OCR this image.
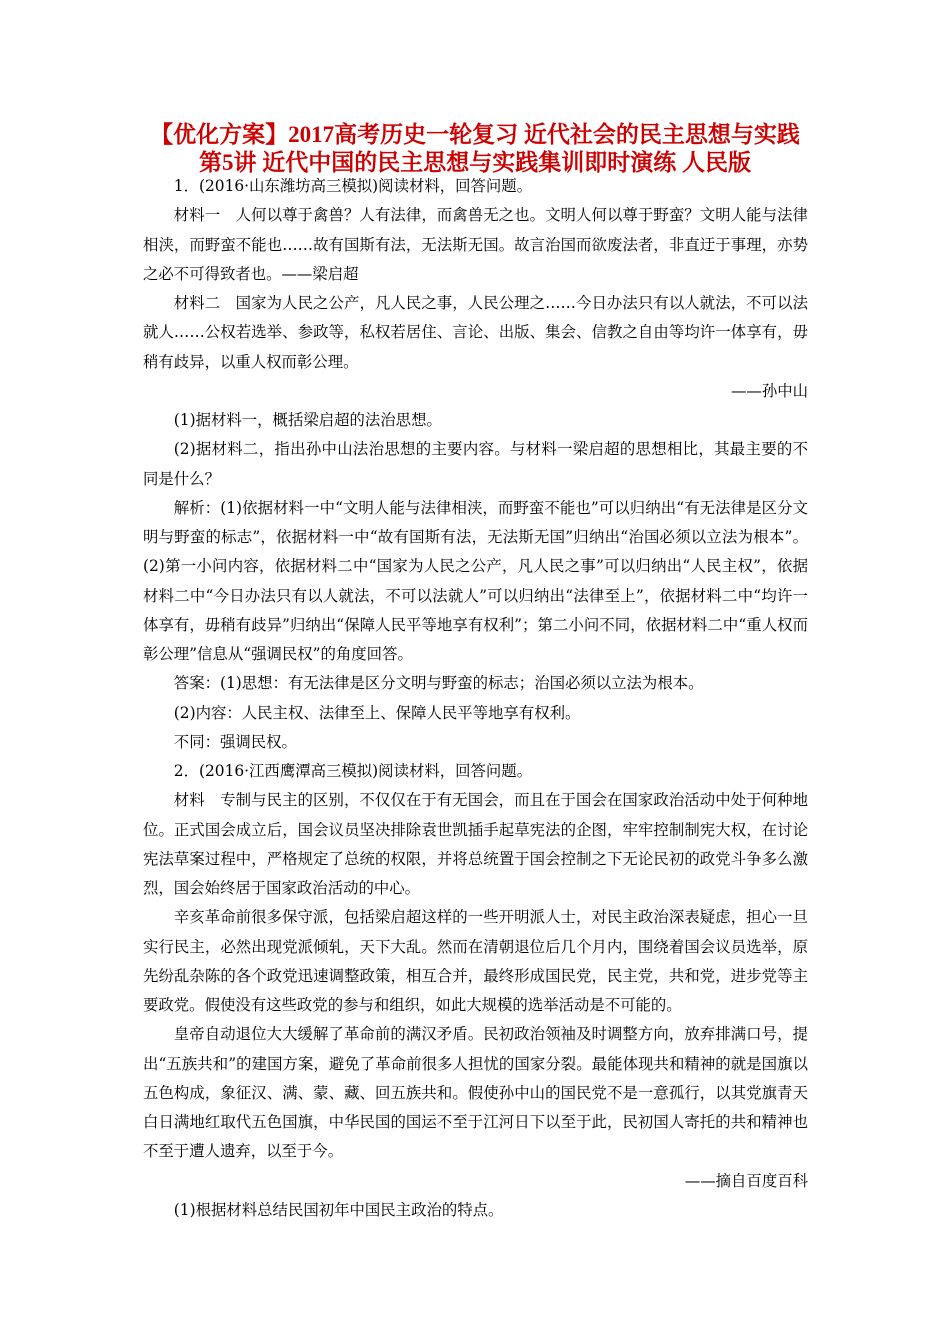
【优化方案】2017高考历史一轮复习 近代社会的民主思想与实践
第5讲 近代中国的民主思想与实践集训即时演练 人民版

1．(2016·山东潍坊高三模拟)阅读材料，回答问题。

材料一　人何以尊于禽兽？人有法律，而禽兽无之也。文明人何以尊于野蛮？文明人能与法律相浃，而野蛮不能也……故有国斯有法，无法斯无国。故言治国而欲废法者，非直迂于事理，亦势之必不可得致者也。——梁启超

材料二　国家为人民之公产，凡人民之事，人民公理之……今日办法只有以人就法，不可以法就人……公权若选举、参政等，私权若居住、言论、出版、集会、信教之自由等均许一体享有，毋稍有歧异，以重人权而彰公理。

——孙中山

(1)据材料一，概括梁启超的法治思想。

(2)据材料二，指出孙中山法治思想的主要内容。与材料一梁启超的思想相比，其最主要的不同是什么？

解析：(1)依据材料一中“文明人能与法律相浃，而野蛮不能也”可以归纳出“有无法律是区分文明与野蛮的标志”，依据材料一中“故有国斯有法，无法斯无国”归纳出“治国必须以立法为根本”。(2)第一小问内容，依据材料二中“国家为人民之公产，凡人民之事”可以归纳出“人民主权”，依据材料二中“今日办法只有以人就法，不可以法就人”可以归纳出“法律至上”，依据材料二中“均许一体享有，毋稍有歧异”归纳出“保障人民平等地享有权利”；第二小问不同，依据材料二中“重人权而彰公理”信息从“强调民权”的角度回答。

答案：(1)思想：有无法律是区分文明与野蛮的标志；治国必须以立法为根本。

(2)内容：人民主权、法律至上、保障人民平等地享有权利。

不同：强调民权。

2．(2016·江西鹰潭高三模拟)阅读材料，回答问题。

材料　专制与民主的区别，不仅仅在于有无国会，而且在于国会在国家政治活动中处于何种地位。正式国会成立后，国会议员坚决排除袁世凯插手起草宪法的企图，牢牢控制制宪大权，在讨论宪法草案过程中，严格规定了总统的权限，并将总统置于国会控制之下无论民初的政党斗争多么激烈，国会始终居于国家政治活动的中心。

辛亥革命前很多保守派，包括梁启超这样的一些开明派人士，对民主政治深表疑虑，担心一旦实行民主，必然出现党派倾轧，天下大乱。然而在清朝退位后几个月内，围绕着国会议员选举，原先纷乱杂陈的各个政党迅速调整政策，相互合并，最终形成国民党，民主党，共和党，进步党等主要政党。假使没有这些政党的参与和组织，如此大规模的选举活动是不可能的。

皇帝自动退位大大缓解了革命前的满汉矛盾。民初政治领袖及时调整方向，放弃排满口号，提出“五族共和”的建国方案，避免了革命前很多人担忧的国家分裂。最能体现共和精神的就是国旗以五色构成，象征汉、满、蒙、藏、回五族共和。假使孙中山的国民党不是一意孤行，以其党旗青天白日满地红取代五色国旗，中华民国的国运不至于江河日下以至于此，民初国人寄托的共和精神也不至于遭人遗弃，以至于今。

——摘自百度百科

(1)根据材料总结民国初年中国民主政治的特点。
